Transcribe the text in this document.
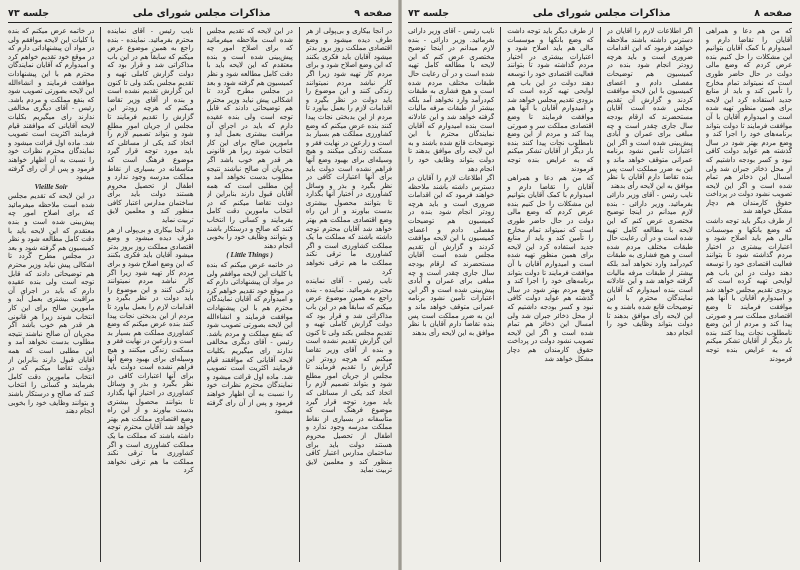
صفحه ۹
مذاکرات مجلس شورای ملی
جلسه ۷۳

در آنجا بیکاری و بی‌پولی از هر طرف دیده میشود و وضع اقتصادی مملکت روز بروز بدتر میشود آقایان باید فکری بکنند که این وضع اصلاح شود و برای مردم کار تهیه شود زیرا اگر کار نباشد مردم نمیتوانند زندگی کنند و این موضوع را باید دولت در نظر بگیرد و اقدامات لازم را بعمل بیاورد تا مردم از این بدبختی نجات پیدا کنند بنده عرض میکنم که وضع کشاورزی مملکت هم بسیار بد است و زارعین در نهایت فقر و مسکنت زندگی میکنند و هیچ وسیله‌ای برای بهبود وضع آنها فراهم نشده است دولت باید برای آنها اعتبارات کافی در نظر بگیرد و بذر و وسائل کشاورزی در اختیار آنها بگذارد تا بتوانند محصول بیشتری بدست بیاورند و از این راه وضع اقتصادی مملکت هم بهتر خواهد شد آقایان محترم توجه داشته باشند که مملکت ما یک مملکت کشاورزی است و اگر کشاورزی ما ترقی نکند مملکت ما هم ترقی نخواهد کرد

نایب رئیس - آقای نماینده محترم بفرمائید. نماینده - بنده راجع به همین موضوع عرض میکنم که سابقاً هم در این باب مذاکراتی شد و قرار بود که دولت گزارش کاملی تهیه و تقدیم مجلس بکند ولی تا کنون این گزارش تقدیم نشده است و بنده از آقای وزیر تقاضا میکنم که هرچه زودتر این گزارش را تقدیم فرمایند تا مجلس از جریان امور مطلع شود و بتواند تصمیم لازم را اتخاذ کند یکی از مسائلی که باید مورد توجه قرار گیرد موضوع فرهنگ است که متأسفانه در بسیاری از نقاط مملکت مدرسه وجود ندارد و اطفال از تحصیل محروم هستند دولت باید برای ساختمان مدارس اعتبار کافی منظور کند و معلمین لایق تربیت نماید

در این لایحه که تقدیم مجلس شده است ملاحظه میفرمائید که برای اصلاح امور چه پیش‌بینی شده است و بنده معتقدم که این لایحه باید با دقت کامل مطالعه شود و نظر کمیسیون هم گرفته شود و بعد در مجلس مطرح گردد تا اشکالی پیش نیاید وزیر محترم هم توضیحاتی دادند که قابل توجه است ولی بنده عقیده دارم که باید در اجرای آن مراقبت بیشتری بعمل آید و مامورین صالح برای این کار انتخاب شوند زیرا هر قانونی هر قدر هم خوب باشد اگر مجریان آن صالح نباشند نتیجه مطلوب بدست نخواهد آمد و این مطلبی است که همه آقایان قبول دارند بنابراین از دولت تقاضا میکنم که در انتخاب مامورین دقت کامل بفرمایند و کسانی را انتخاب کنند که صالح و درستکار باشند و بتوانند وظایف خود را بخوبی انجام دهند

( Little Things )

در خاتمه عرض میکنم که بنده با کلیات این لایحه موافقم ولی در مواد آن پیشنهاداتی دارم که در موقع خود تقدیم خواهم کرد و امیدوارم که آقایان نمایندگان محترم هم با این پیشنهادات موافقت فرمایند و انشاءالله این لایحه بصورتی تصویب شود که بنفع مملکت و مردم باشد. رئیس - آقای دیگری مخالفی ندارند رای میگیریم بکلیات لایحه آقایانی که موافقند قیام فرمایند اکثریت است تصویب شد. ماده اول قرائت میشود و نمایندگان محترم نظرات خود را نسبت به آن اظهار خواهند فرمود و پس از آن رای گرفته میشود

نایب رئیس - آقای نماینده محترم بفرمائید. نماینده - بنده راجع به همین موضوع عرض میکنم که سابقاً هم در این باب مذاکراتی شد و قرار بود که دولت گزارش کاملی تهیه و تقدیم مجلس بکند ولی تا کنون این گزارش تقدیم نشده است و بنده از آقای وزیر تقاضا میکنم که هرچه زودتر این گزارش را تقدیم فرمایند تا مجلس از جریان امور مطلع شود و بتواند تصمیم لازم را اتخاذ کند یکی از مسائلی که باید مورد توجه قرار گیرد موضوع فرهنگ است که متأسفانه در بسیاری از نقاط مملکت مدرسه وجود ندارد و اطفال از تحصیل محروم هستند دولت باید برای ساختمان مدارس اعتبار کافی منظور کند و معلمین لایق تربیت نماید

در آنجا بیکاری و بی‌پولی از هر طرف دیده میشود و وضع اقتصادی مملکت روز بروز بدتر میشود آقایان باید فکری بکنند که این وضع اصلاح شود و برای مردم کار تهیه شود زیرا اگر کار نباشد مردم نمیتوانند زندگی کنند و این موضوع را باید دولت در نظر بگیرد و اقدامات لازم را بعمل بیاورد تا مردم از این بدبختی نجات پیدا کنند بنده عرض میکنم که وضع کشاورزی مملکت هم بسیار بد است و زارعین در نهایت فقر و مسکنت زندگی میکنند و هیچ وسیله‌ای برای بهبود وضع آنها فراهم نشده است دولت باید برای آنها اعتبارات کافی در نظر بگیرد و بذر و وسائل کشاورزی در اختیار آنها بگذارد تا بتوانند محصول بیشتری بدست بیاورند و از این راه وضع اقتصادی مملکت هم بهتر خواهد شد آقایان محترم توجه داشته باشند که مملکت ما یک مملکت کشاورزی است و اگر کشاورزی ما ترقی نکند مملکت ما هم ترقی نخواهد کرد

در خاتمه عرض میکنم که بنده با کلیات این لایحه موافقم ولی در مواد آن پیشنهاداتی دارم که در موقع خود تقدیم خواهم کرد و امیدوارم که آقایان نمایندگان محترم هم با این پیشنهادات موافقت فرمایند و انشاءالله این لایحه بصورتی تصویب شود که بنفع مملکت و مردم باشد. رئیس - آقای دیگری مخالفی ندارند رای میگیریم بکلیات لایحه آقایانی که موافقند قیام فرمایند اکثریت است تصویب شد. ماده اول قرائت میشود و نمایندگان محترم نظرات خود را نسبت به آن اظهار خواهند فرمود و پس از آن رای گرفته میشود

Vieille Soir

در این لایحه که تقدیم مجلس شده است ملاحظه میفرمائید که برای اصلاح امور چه پیش‌بینی شده است و بنده معتقدم که این لایحه باید با دقت کامل مطالعه شود و نظر کمیسیون هم گرفته شود و بعد در مجلس مطرح گردد تا اشکالی پیش نیاید وزیر محترم هم توضیحاتی دادند که قابل توجه است ولی بنده عقیده دارم که باید در اجرای آن مراقبت بیشتری بعمل آید و مامورین صالح برای این کار انتخاب شوند زیرا هر قانونی هر قدر هم خوب باشد اگر مجریان آن صالح نباشند نتیجه مطلوب بدست نخواهد آمد و این مطلبی است که همه آقایان قبول دارند بنابراین از دولت تقاضا میکنم که در انتخاب مامورین دقت کامل بفرمایند و کسانی را انتخاب کنند که صالح و درستکار باشند و بتوانند وظایف خود را بخوبی انجام دهند

صفحه ۸
مذاکرات مجلس شورای ملی
جلسه ۷۳

که من هم دعا و همراهی آقایان را تقاضا دارم و امیدوارم با کمک آقایان بتوانیم این مشکلات را حل کنیم بنده عرض کردم که وضع مالی دولت در حال حاضر طوری است که نمیتواند تمام مخارج را تأمین کند و باید از منابع جدید استفاده کرد این لایحه برای همین منظور تهیه شده است و امیدوارم آقایان با آن موافقت فرمایند تا دولت بتواند برنامه‌های خود را اجرا کند و وضع مردم بهتر شود در سال گذشته هم عواید دولت کافی نبود و کسر بودجه داشتیم که از محل ذخائر جبران شد ولی امسال این ذخائر هم تمام شده است و اگر این لایحه تصویب نشود دولت در پرداخت حقوق کارمندان هم دچار مشکل خواهد شد

از طرف دیگر باید توجه داشت که وضع بانکها و موسسات مالی هم باید اصلاح شود و اعتبارات بیشتری در اختیار مردم گذاشته شود تا بتوانند فعالیت اقتصادی خود را توسعه دهند دولت در این باب هم لوایحی تهیه کرده است که بزودی تقدیم مجلس خواهد شد و امیدوارم آقایان با آنها هم موافقت فرمایند تا وضع اقتصادی مملکت سر و صورتی پیدا کند و مردم از این وضع نامطلوب نجات پیدا کنند بنده بار دیگر از آقایان تشکر میکنم که به عرایض بنده توجه فرمودند

اگر اطلاعات لازم را آقایان در دسترس داشته باشند ملاحظه خواهند فرمود که این اقدامات ضروری است و باید هرچه زودتر انجام شود بنده در کمیسیون هم توضیحات مفصلی دادم و اعضای کمیسیون با این لایحه موافقت کردند و گزارش آن تقدیم مجلس شده است آقایان مستحضرند که ارقام بودجه سال جاری چقدر است و چه مبلغی برای عمران و آبادی پیش‌بینی شده است و اگر این اعتبارات تأمین نشود برنامه عمرانی متوقف خواهد ماند و این به ضرر مملکت است پس بنده تقاضا دارم آقایان با نظر موافق به این لایحه رأی بدهند

نایب رئیس - آقای وزیر دارائی بفرمائید. وزیر دارائی - بنده لازم میدانم در اینجا توضیح مختصری عرض کنم که این لایحه با مطالعه کامل تهیه شده است و در آن رعایت حال طبقات مختلف مردم شده است و هیچ فشاری به طبقات کم‌درآمد وارد نخواهد آمد بلکه بیشتر از طبقات مرفه مالیات گرفته خواهد شد و این عادلانه است بنده امیدوارم که آقایان نمایندگان محترم با این توضیحات قانع شده باشند و به این لایحه رأی موافق بدهند تا دولت بتواند وظایف خود را انجام دهد

از طرف دیگر باید توجه داشت که وضع بانکها و موسسات مالی هم باید اصلاح شود و اعتبارات بیشتری در اختیار مردم گذاشته شود تا بتوانند فعالیت اقتصادی خود را توسعه دهند دولت در این باب هم لوایحی تهیه کرده است که بزودی تقدیم مجلس خواهد شد و امیدوارم آقایان با آنها هم موافقت فرمایند تا وضع اقتصادی مملکت سر و صورتی پیدا کند و مردم از این وضع نامطلوب نجات پیدا کنند بنده بار دیگر از آقایان تشکر میکنم که به عرایض بنده توجه فرمودند

که من هم دعا و همراهی آقایان را تقاضا دارم و امیدوارم با کمک آقایان بتوانیم این مشکلات را حل کنیم بنده عرض کردم که وضع مالی دولت در حال حاضر طوری است که نمیتواند تمام مخارج را تأمین کند و باید از منابع جدید استفاده کرد این لایحه برای همین منظور تهیه شده است و امیدوارم آقایان با آن موافقت فرمایند تا دولت بتواند برنامه‌های خود را اجرا کند و وضع مردم بهتر شود در سال گذشته هم عواید دولت کافی نبود و کسر بودجه داشتیم که از محل ذخائر جبران شد ولی امسال این ذخائر هم تمام شده است و اگر این لایحه تصویب نشود دولت در پرداخت حقوق کارمندان هم دچار مشکل خواهد شد

نایب رئیس - آقای وزیر دارائی بفرمائید. وزیر دارائی - بنده لازم میدانم در اینجا توضیح مختصری عرض کنم که این لایحه با مطالعه کامل تهیه شده است و در آن رعایت حال طبقات مختلف مردم شده است و هیچ فشاری به طبقات کم‌درآمد وارد نخواهد آمد بلکه بیشتر از طبقات مرفه مالیات گرفته خواهد شد و این عادلانه است بنده امیدوارم که آقایان نمایندگان محترم با این توضیحات قانع شده باشند و به این لایحه رأی موافق بدهند تا دولت بتواند وظایف خود را انجام دهد

اگر اطلاعات لازم را آقایان در دسترس داشته باشند ملاحظه خواهند فرمود که این اقدامات ضروری است و باید هرچه زودتر انجام شود بنده در کمیسیون هم توضیحات مفصلی دادم و اعضای کمیسیون با این لایحه موافقت کردند و گزارش آن تقدیم مجلس شده است آقایان مستحضرند که ارقام بودجه سال جاری چقدر است و چه مبلغی برای عمران و آبادی پیش‌بینی شده است و اگر این اعتبارات تأمین نشود برنامه عمرانی متوقف خواهد ماند و این به ضرر مملکت است پس بنده تقاضا دارم آقایان با نظر موافق به این لایحه رأی بدهند
